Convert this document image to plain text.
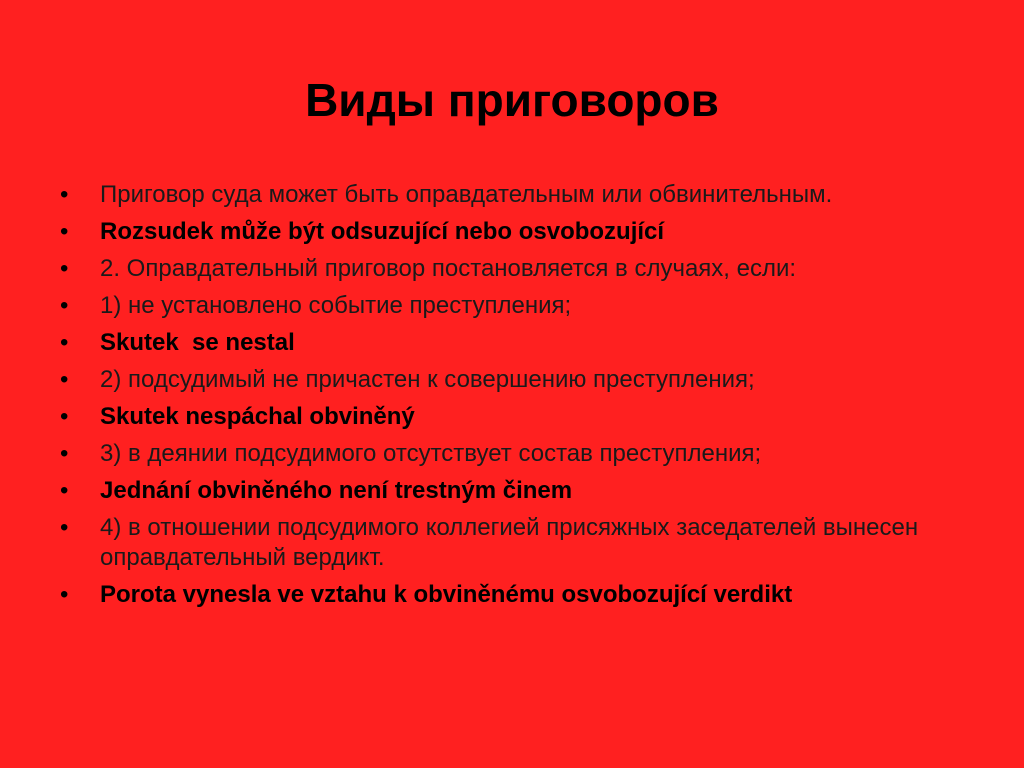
Виды приговоров
• Приговор суда может быть оправдательным или обвинительным.
• Rozsudek může být odsuzující nebo osvobozující
• 2. Оправдательный приговор постановляется в случаях, если:
• 1) не установлено событие преступления;
• Skutek  se nestal
• 2) подсудимый не причастен к совершению преступления;
• Skutek nespáchal obviněný
• 3) в деянии подсудимого отсутствует состав преступления;
• Jednání obviněného není trestným činem
• 4) в отношении подсудимого коллегией присяжных заседателей вынесен оправдательный вердикт.
• Porota vynesla ve vztahu k obviněnému osvobozující verdikt
